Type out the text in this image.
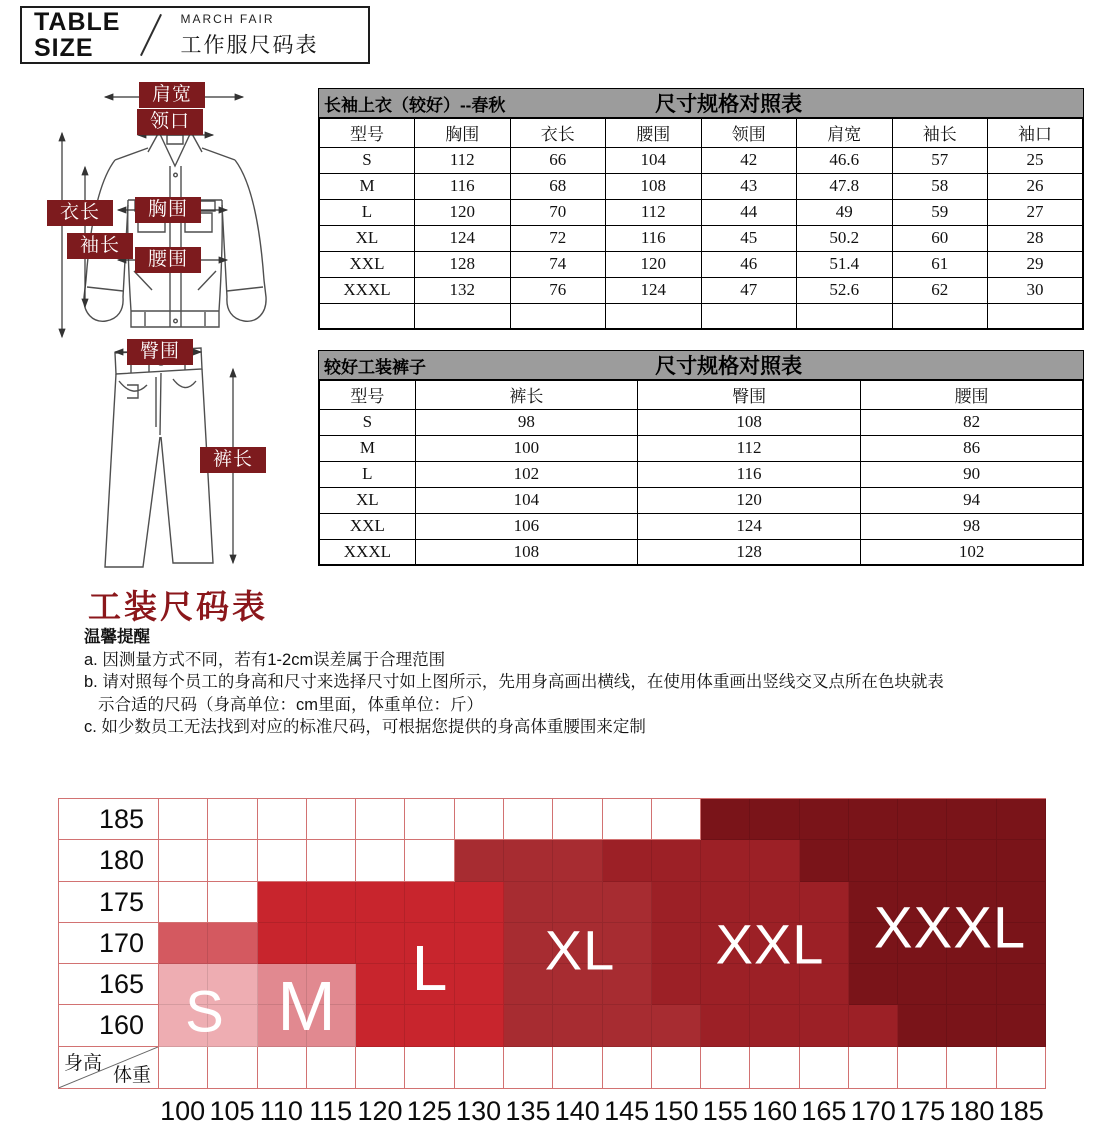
TABLE
SIZE
MARCH FAIR
工作服尺码表
肩宽
领口
衣长
袖长
胸围
腰围
臀围
裤长
长袖上衣（较好）--春秋	尺寸规格对照表
型号	胸围	衣长	腰围	领围	肩宽	袖长	袖口
S	112	66	104	42	46.6	57	25
M	116	68	108	43	47.8	58	26
L	120	70	112	44	49	59	27
XL	124	72	116	45	50.2	60	28
XXL	128	74	120	46	51.4	61	29
XXXL	132	76	124	47	52.6	62	30

较好工装裤子	尺寸规格对照表
型号	裤长	臀围	腰围
S	98	108	82
M	100	112	86
L	102	116	90
XL	104	120	94
XXL	106	124	98
XXXL	108	128	102
工装尺码表
温馨提醒
a. 因测量方式不同，若有1-2cm误差属于合理范围
b. 请对照每个员工的身高和尺寸来选择尺寸如上图所示，先用身高画出横线，在使用体重画出竖线交叉点所在色块就表
示合适的尺码（身高单位：cm里面，体重单位：斤）
c. 如少数员工无法找到对应的标准尺码，可根据您提供的身高体重腰围来定制
185
180
175
170
165
160
身高
体重
100 105 110 115 120 125 130 135 140 145 150 155 160 165 170 175 180 185
S M L XL XXL XXXL
